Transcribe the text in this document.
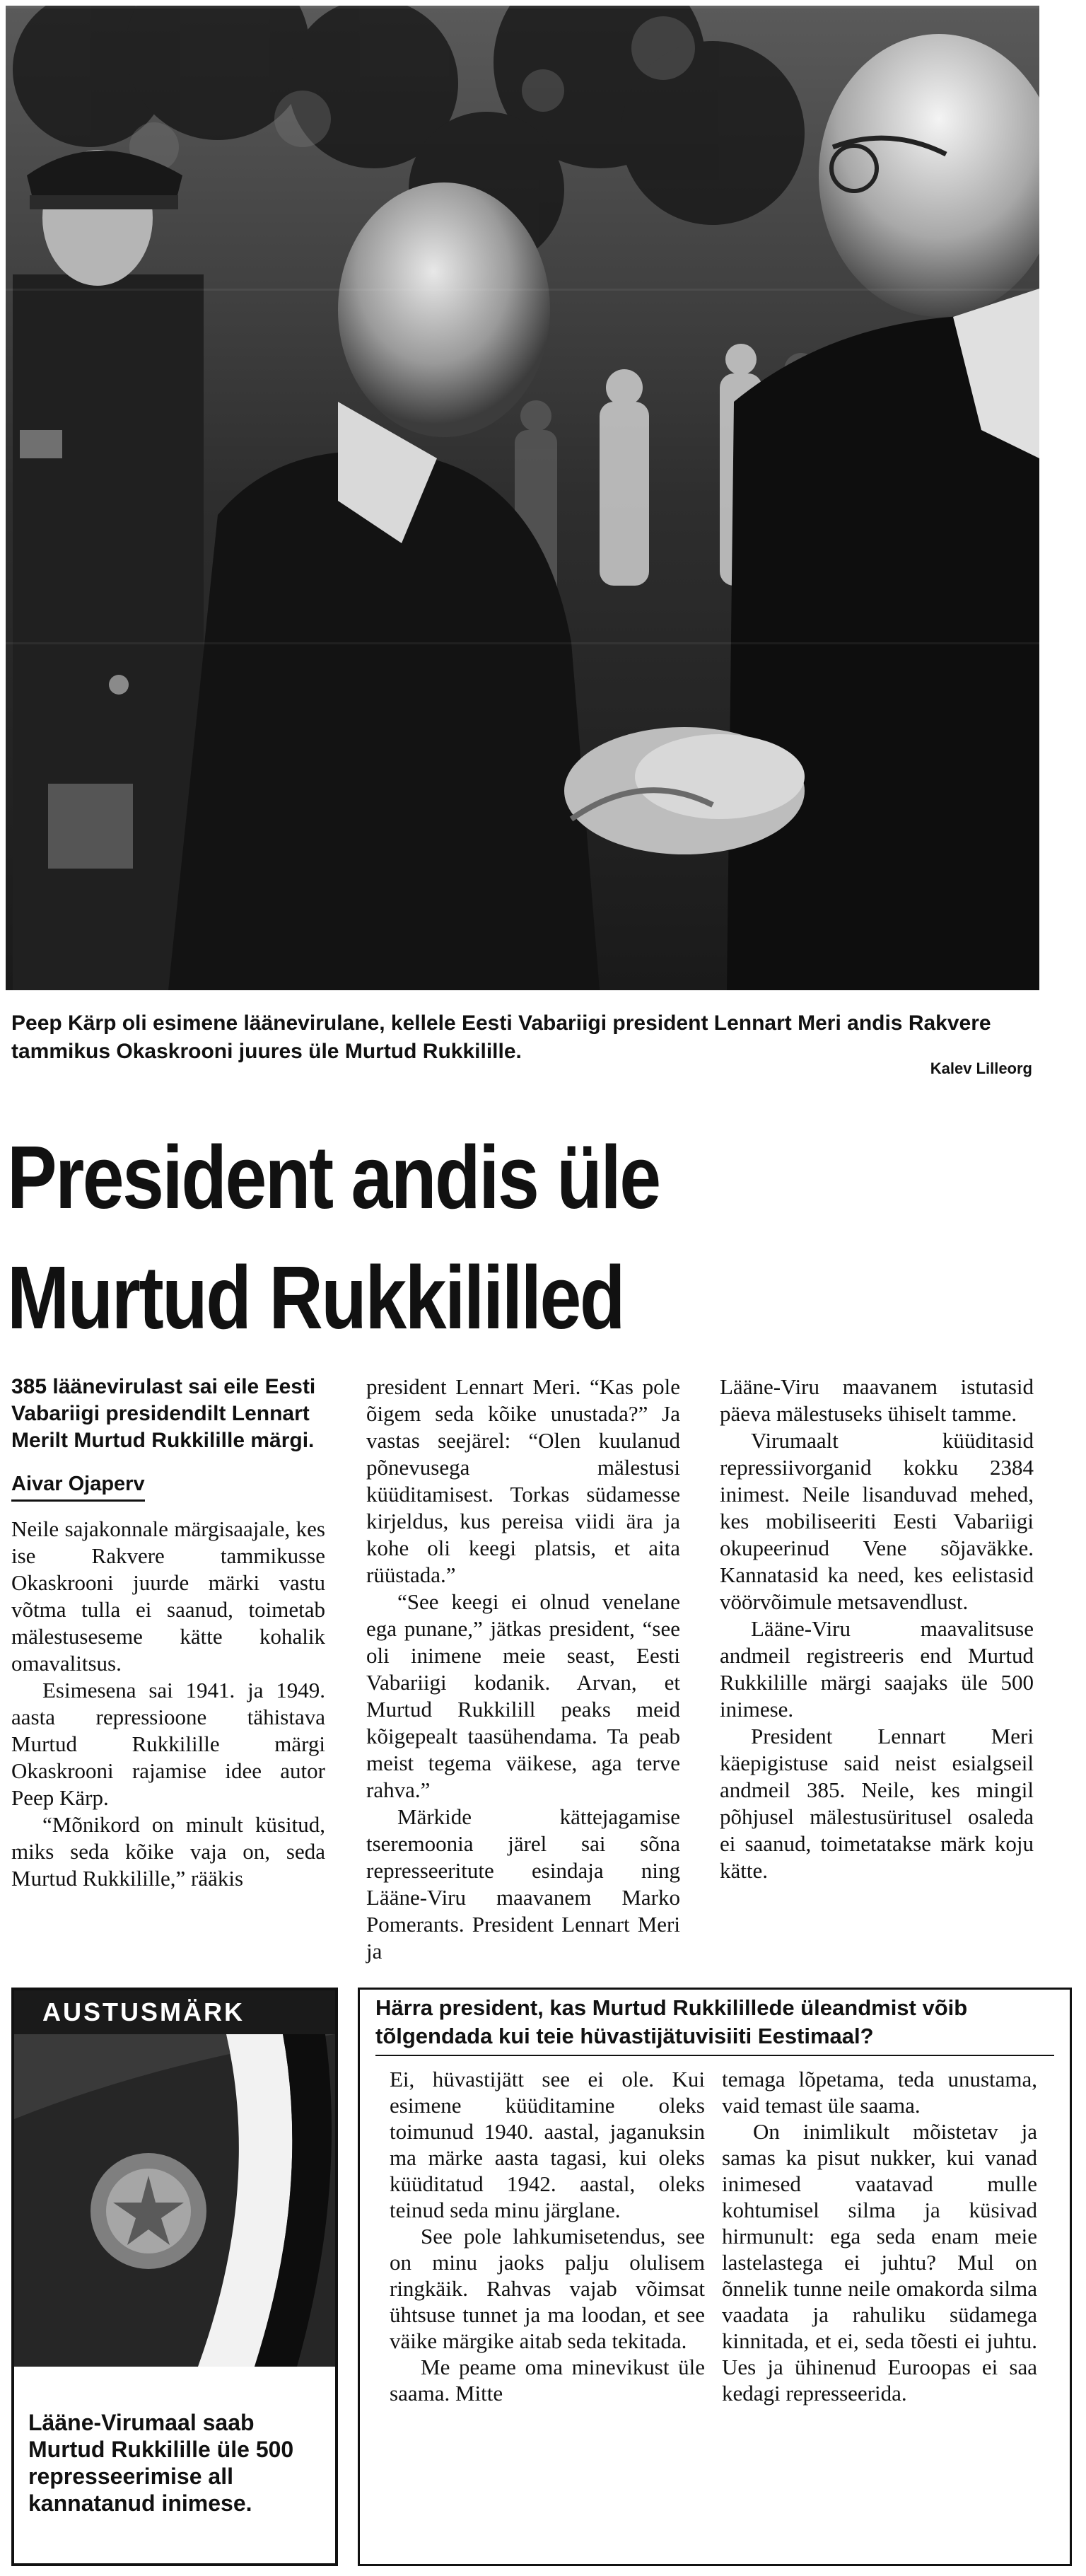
Peep Kärp oli esimene läänevirulane, kellele Eesti Vabariigi president Lennart Meri andis Rakvere tammikus Okaskrooni juures üle Murtud Rukkilille.

Kalev Lilleorg

President andis üle
Murtud Rukkililled

385 läänevirulast sai eile Eesti Vabariigi presidendilt Lennart Merilt Murtud Rukkilille märgi.

Aivar Ojaperv

Neile sajakonnale märgisaajale, kes ise Rakvere tammikusse Okaskrooni juurde märki vastu võtma tulla ei saanud, toimetab mälestuseseme kätte kohalik omavalitsus.

Esimesena sai 1941. ja 1949. aasta repressioone tähistava Murtud Rukkilille märgi Okaskrooni rajamise idee autor Peep Kärp.

“Mõnikord on minult küsitud, miks seda kõike vaja on, seda Murtud Rukkilille,” rääkis

president Lennart Meri. “Kas pole õigem seda kõike unustada?” Ja vastas seejärel: “Olen kuulanud põnevusega mälestusi küüditamisest. Torkas südamesse kirjeldus, kus pereisa viidi ära ja kohe oli keegi platsis, et aita rüüstada.”

“See keegi ei olnud venelane ega punane,” jätkas president, “see oli inimene meie seast, Eesti Vabariigi kodanik. Arvan, et Murtud Rukkilill peaks meid kõigepealt taasühendama. Ta peab meist tegema väikese, aga terve rahva.”

Märkide kättejagamise tseremoonia järel sai sõna represseeritute esindaja ning Lääne-Viru maavanem Marko Pomerants. President Lennart Meri ja

Lääne-Viru maavanem istutasid päeva mälestuseks ühiselt tamme.

Virumaalt küüditasid repressiivorganid kokku 2384 inimest. Neile lisanduvad mehed, kes mobiliseeriti Eesti Vabariigi okupeerinud Vene sõjaväkke. Kannatasid ka need, kes eelistasid vöörvõimule metsavendlust.

Lääne-Viru maavalitsuse andmeil registreeris end Murtud Rukkilille märgi saajaks üle 500 inimese.

President Lennart Meri käepigistuse said neist esialgseil andmeil 385. Neile, kes mingil põhjusel mälestusüritusel osaleda ei saanud, toimetatakse märk koju kätte.

AUSTUSMÄRK

Lääne-Virumaal saab Murtud Rukkilille üle 500 represseerimise all kannatanud inimese.

Härra president, kas Murtud Rukkilillede üleandmist võib tõlgendada kui teie hüvastijätuvisiiti Eestimaal?

Ei, hüvastijätt see ei ole. Kui esimene küüditamine oleks toimunud 1940. aastal, jaganuksin ma märke aasta tagasi, kui oleks küüditatud 1942. aastal, oleks teinud seda minu järglane.

See pole lahkumisetendus, see on minu jaoks palju olulisem ringkäik. Rahvas vajab võimsat ühtsuse tunnet ja ma loodan, et see väike märgike aitab seda tekitada.

Me peame oma minevikust üle saama. Mitte

temaga lõpetama, teda unustama, vaid temast üle saama.

On inimlikult mõistetav ja samas ka pisut nukker, kui vanad inimesed vaatavad mulle kohtumisel silma ja küsivad hirmunult: ega seda enam meie lastelastega ei juhtu? Mul on õnnelik tunne neile omakorda silma vaadata ja rahuliku südamega kinnitada, et ei, seda tõesti ei juhtu. Ues ja ühinenud Euroopas ei saa kedagi represseerida.
